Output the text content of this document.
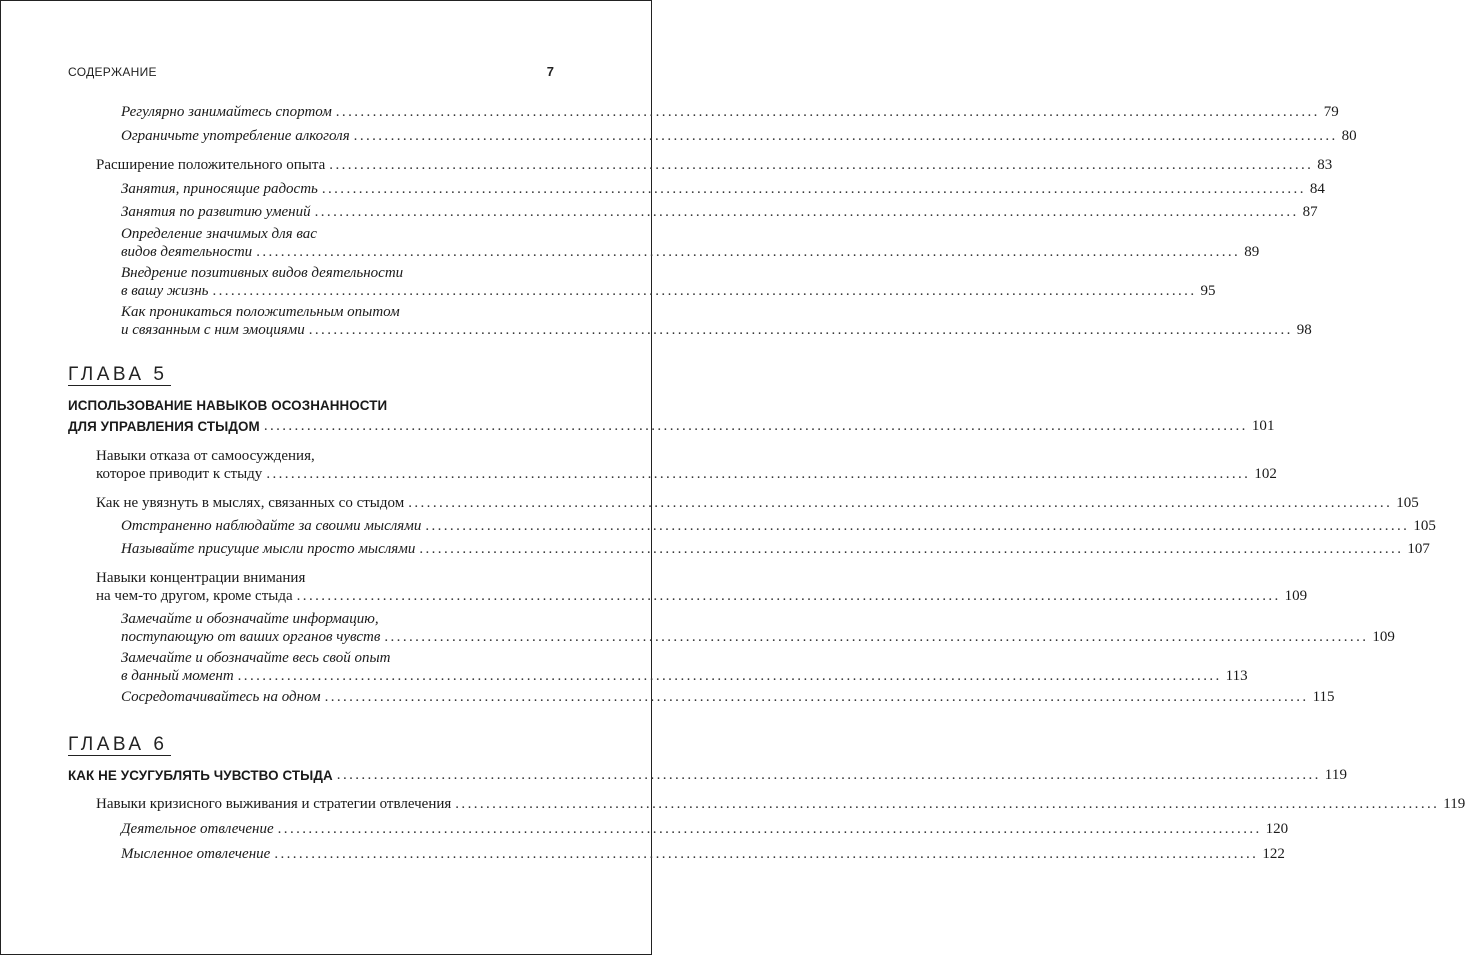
СОДЕРЖАНИЕ	7
Регулярно занимайтесь спортом ................................................................................................................................................................ 79
Ограничьте употребление алкоголя ................................................................................................................................................................ 80
Расширение положительного опыта ................................................................................................................................................................ 83
Занятия, приносящие радость ................................................................................................................................................................ 84
Занятия по развитию умений ................................................................................................................................................................ 87
Определение значимых для вас
видов деятельности ................................................................................................................................................................ 89
Внедрение позитивных видов деятельности
в вашу жизнь ................................................................................................................................................................ 95
Как проникаться положительным опытом
и связанным с ним эмоциями ................................................................................................................................................................ 98
ГЛАВА 5
ИСПОЛЬЗОВАНИЕ НАВЫКОВ ОСОЗНАННОСТИ
ДЛЯ УПРАВЛЕНИЯ СТЫДОМ ................................................................................................................................................................ 101
Навыки отказа от самоосуждения,
которое приводит к стыду ................................................................................................................................................................ 102
Как не увязнуть в мыслях, связанных со стыдом ................................................................................................................................................................ 105
Отстраненно наблюдайте за своими мыслями ................................................................................................................................................................ 105
Называйте присущие мысли просто мыслями ................................................................................................................................................................ 107
Навыки концентрации внимания
на чем-то другом, кроме стыда ................................................................................................................................................................ 109
Замечайте и обозначайте информацию,
поступающую от ваших органов чувств ................................................................................................................................................................ 109
Замечайте и обозначайте весь свой опыт
в данный момент ................................................................................................................................................................ 113
Сосредотачивайтесь на одном ................................................................................................................................................................ 115
ГЛАВА 6
КАК НЕ УСУГУБЛЯТЬ ЧУВСТВО СТЫДА ................................................................................................................................................................ 119
Навыки кризисного выживания и стратегии отвлечения ................................................................................................................................................................ 119
Деятельное отвлечение ................................................................................................................................................................ 120
Мысленное отвлечение ................................................................................................................................................................ 122
